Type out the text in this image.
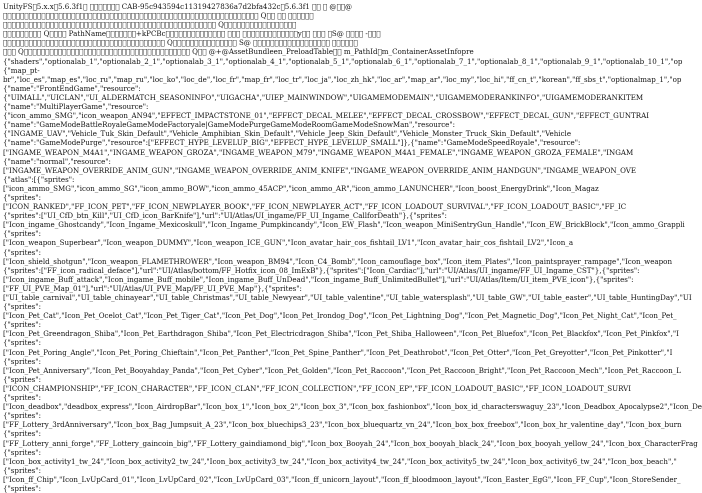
UnityFS 5.x.x 5.6.3f1          CAB-95c943594c11319427836a7d2bfa432c 5.6.3f1      @  @
                                                             Q            
                                                   Q                 
          Q     PathName       +kPCBc                                y        S@      -   
                                       Q                S@                          
    Q                                        Q   @+@AssetBundleen_PreloadTable   m_PathId m_ContainerAssetInfopre
{"shaders","optionalab_1","optionalab_2_1","optionalab_3_1","optionalab_4_1","optionalab_5_1","optionalab_6_1","optionalab_7_1","optionalab_8_1","optionalab_9_1","optionalab_10_1","op
{"map_pt-
br","loc_es","map_es","loc_ru","map_ru","loc_ko","loc_de","loc_fr","map_fr","loc_tr","loc_ja","loc_zh_hk","loc_ar","map_ar","loc_my","loc_hi","ff_cn_t","korean","ff_sbs_t","optionalmap_1","op
{"name":"FrontEndGame","resource":
{"UIMALL","UICLAN","UI_ALDERMATCH_SEASONINFO","UIGACHA","UIEP_MAINWINDOW","UIGAMEMODEMAIN","UIGAMEMODERANKINFO","UIGAMEMODERANKITEM
{"name":"MultiPlayerGame","resource":
{"icon_ammo_SMG","icon_weapon_AN94","EFFECT_IMPACTSTONE_01","EFFECT_DECAL_MELEE","EFFECT_DECAL_CROSSBOW","EFFECT_DECAL_GUN","EFFECT_GUNTRAI
{"name":"GameModeBattleRoyaleGameModeFactoryale|GameModePurgeGameModeRoomGameModeSnowMan","resource":
{"INGAME_UAV","Vehicle_Tuk_Skin_Default","Vehicle_Amphibian_Skin_Default","Vehicle_Jeep_Skin_Default","Vehicle_Monster_Truck_Skin_Default","Vehicle
{"name":"GameModePurge","resource":["EFFECT_HYPE_LEVELUP_BIG","EFFECT_HYPE_LEVELUP_SMALL"]},{"name":"GameModeSpeedRoyale","resource":
["INGAME_WEAPON_M4A1","INGAME_WEAPON_GROZA","INGAME_WEAPON_M79","INGAME_WEAPON_M4A1_FEMALE","INGAME_WEAPON_GROZA_FEMALE","INGAM
{"name":"normal","resource":
["INGAME_WEAPON_OVERRIDE_ANIM_GUN","INGAME_WEAPON_OVERRIDE_ANIM_KNIFE","INGAME_WEAPON_OVERRIDE_ANIM_HANDGUN","INGAME_WEAPON_OVE
{"atlas":[{"sprites":
["icon_ammo_SMG","icon_ammo_SG","icon_ammo_BOW","icon_ammo_45ACP","icon_ammo_AR","icon_ammo_LANUNCHER","Icon_boost_EnergyDrink","Icon_Magaz
{"sprites":
["ICON_RANKED","FF_ICON_PET","FF_ICON_NEWPLAYER_BOOK","FF_ICON_NEWPLAYER_ACT","FF_ICON_LOADOUT_SURVIVAL","FF_ICON_LOADOUT_BASIC","FF_IC
{"sprites":["UI_CfD_btn_Kill","UI_CfD_icon_BarKnife"],"url":"UI/Atlas/UI_ingame/FF_UI_Ingame_CallforDeath"},{"sprites":
["Icon_ingame_Ghostcandy","Icon_Ingame_Mexicoskull","Icon_Ingame_Pumpkincandy","Icon_EW_Flash","Icon_weapon_MiniSentryGun_Handle","Icon_EW_BrickBlock","Icon_ammo_Grappli
{"sprites":
["Icon_weapon_Superbear","Icon_weapon_DUMMY","Icon_weapon_ICE_GUN","Icon_avatar_hair_cos_fishtail_LV1","Icon_avatar_hair_cos_fishtail_LV2","Icon_a
{"sprites":
["Icon_shield_shotgun","Icon_weapon_FLAMETHROWER","Icon_weapon_BM94","Icon_C4_Bomb","Icon_camouflage_box","Icon_item_Plates","Icon_paintsprayer_rampage","Icon_weapon
{"sprites":["FF_icon_radical_deface"],"url":"UI/Atlas/bottom/FF_Hotfix_icon_08_ImExB"},{"sprites":["Icon_Cardiac"],"url":"UI/Atlas/UI_ingame/FF_UI_Ingame_CST"},{"sprites":
["Icon_ingame_Buff_attack","Icon_ingame_Buff_mobile","Icon_ingame_Buff_UnDead","Icon_ingame_Buff_UnlimitedBullet"],"url":"UI/Atlas/Item/UI_item_PVE_icon"},{"sprites":
["FF_UI_PVE_Map_01"],"url":"UI/Atlas/UI_PVE_Map/FF_UI_PVE_Map"},{"sprites":
["UI_table_carnival","UI_table_chinayear","UI_table_Christmas","UI_table_Newyear","UI_table_valentine","UI_table_watersplash","UI_table_GW","UI_table_easter","UI_table_HuntingDay","UI
{"sprites":
["Icon_Pet_Cat","Icon_Pet_Ocelot_Cat","Icon_Pet_Tiger_Cat","Icon_Pet_Dog","Icon_Pet_Irondog_Dog","Icon_Pet_Lightning_Dog","Icon_Pet_Magnetic_Dog","Icon_Pet_Night_Cat","Icon_Pet_
{"sprites":
["Icon_Pet_Greendragon_Shiba","Icon_Pet_Earthdragon_Shiba","Icon_Pet_Electricdragon_Shiba","Icon_Pet_Shiba_Halloween","Icon_Pet_Bluefox","Icon_Pet_Blackfox","Icon_Pet_Pinkfox","I
{"sprites":
["Icon_Pet_Poring_Angle","Icon_Pet_Poring_Chieftain","Icon_Pet_Panther","Icon_Pet_Spine_Panther","Icon_Pet_Deathrobot","Icon_Pet_Otter","Icon_Pet_Greyotter","Icon_Pet_Pinkotter","I
{"sprites":
["Icon_Pet_Anniversary","Icon_Pet_Booyahday_Panda","Icon_Pet_Cyber","Icon_Pet_Golden","Icon_Pet_Raccoon","Icon_Pet_Raccoon_Bright","Icon_Pet_Raccoon_Mech","Icon_Pet_Raccoon_L
{"sprites":
["ICON_CHAMPIONSHIP","FF_ICON_CHARACTER","FF_ICON_CLAN","FF_ICON_COLLECTION","FF_ICON_EP","FF_ICON_LOADOUT_BASIC","FF_ICON_LOADOUT_SURVI
{"sprites":
["Icon_deadbox","deadbox_express","Icon_AirdropBar","Icon_box_1","Icon_box_2","Icon_box_3","Icon_box_fashionbox","Icon_box_id_characterswaguy_23","Icon_Deadbox_Apocalypse2","Icon_De
{"sprites":
["FF_Lottery_3rdAnniversary","Icon_box_Bag_Jumpsuit_A_23","Icon_box_bluechips3_23","Icon_box_bluequartz_vn_24","Icon_box_box_freebox","Icon_box_hr_valentine_day","Icon_box_burn
{"sprites":
["FF_Lottery_anni_forge","FF_Lottery_gaincoin_big","FF_Lottery_gaindiamond_big","Icon_box_Booyah_24","Icon_box_booyah_black_24","Icon_box_booyah_yellow_24","Icon_box_CharacterFrag
{"sprites":
["Icon_box_activity1_tw_24","Icon_box_activity2_tw_24","Icon_box_activity3_tw_24","Icon_box_activity4_tw_24","Icon_box_activity5_tw_24","Icon_box_activity6_tw_24","Icon_box_beach","
{"sprites":
["Icon_ff_Chip","Icon_LvUpCard_01","Icon_LvUpCard_02","Icon_LvUpCard_03","Icon_ff_unicorn_layout","Icon_ff_bloodmoon_layout","Icon_Easter_EgG","Icon_FF_Cup","Icon_StoreSender_
{"sprites":
